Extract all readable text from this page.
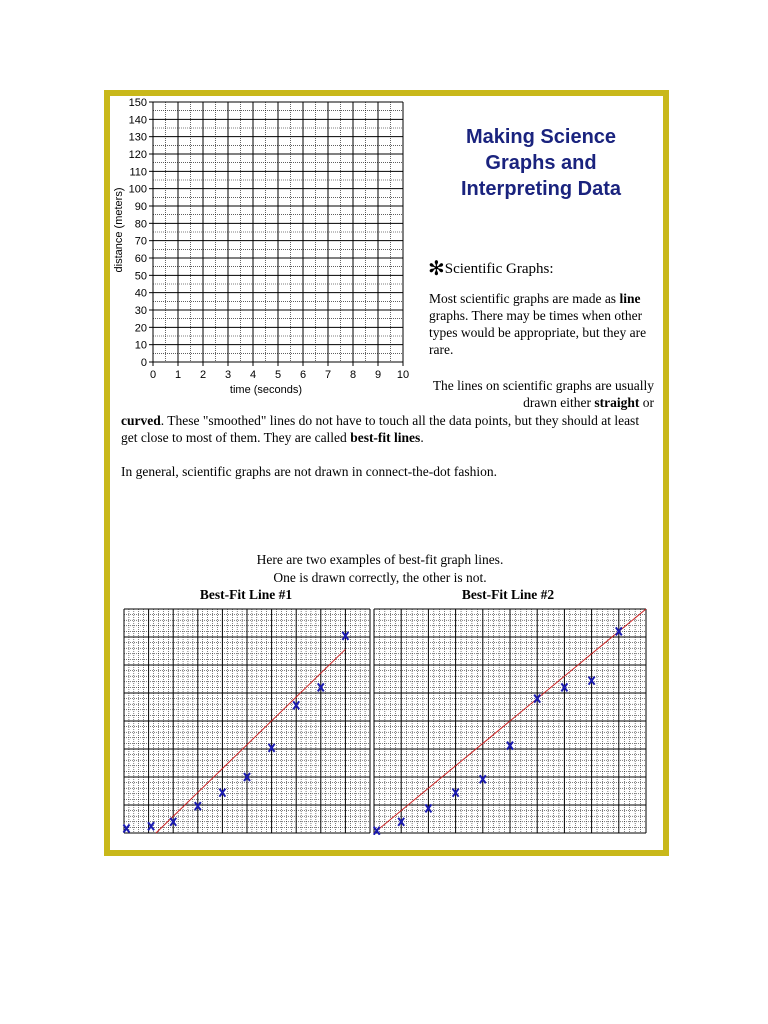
0
10
20
30
40
50
60
70
80
90
100
110
120
130
140
150
0 1 2 3 4 5 6 7 8 9 10
time (seconds)
distance (meters)
Making Science
Graphs and
Interpreting Data
✻Scientific Graphs:
Most scientific graphs are made as line graphs. There may be times when other types would be appropriate, but they are rare.
The lines on scientific graphs are usually drawn either straight or
curved. These "smoothed" lines do not have to touch all the data points, but they should at least get close to most of them. They are called best-fit lines.
In general, scientific graphs are not drawn in connect-the-dot fashion.
Here are two examples of best-fit graph lines.
One is drawn correctly, the other is not.
Best-Fit Line #1	Best-Fit Line #2
